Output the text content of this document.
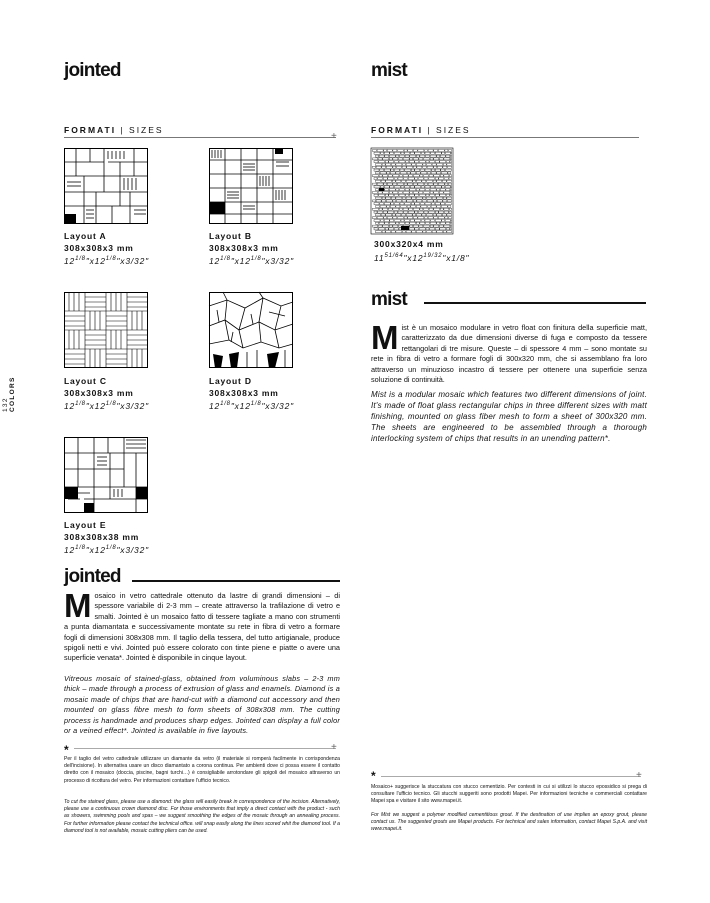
132 COLORS
jointed
FORMATI | SIZES
+
Layout A
308x308x3 mm
$12^{1/8}"x12^{1/8}"x3/32$"
Layout B
308x308x3 mm
$12^{1/8}"x12^{1/8}"x3/32$"
Layout C
308x308x3 mm
$12^{1/8}"x12^{1/8}"x3/32$"
Layout D
308x308x3 mm
$12^{1/8}"x12^{1/8}"x3/32$"
Layout E
308x308x38 mm
$12^{1/8}"x12^{1/8}"x3/32$"
jointed
Mosaico in vetro cattedrale ottenuto da lastre di grandi dimensioni – di spessore variabile di 2-3 mm – create attraverso la trafilazione di vetro e smalti. Jointed è un mosaico fatto di tessere tagliate a mano con strumenti a punta diamantata e successivamente montate su rete in fibra di vetro a formare fogli di dimensioni 308x308 mm. Il taglio della tessera, del tutto artigianale, produce spigoli netti e vivi. Jointed può essere colorato con tinte piene e piatte o avere una superficie venata*. Jointed è disponibile in cinque layout.
Vitreous mosaic of stained-glass, obtained from voluminous slabs – 2-3 mm thick – made through a process of extrusion of glass and enamels. Diamond is a mosaic made of chips that are hand-cut with a diamond cut accessory and then mounted on glass fibre mesh to form sheets of 308x308 mm. The cutting process is handmade and produces sharp edges. Jointed can display a full color or a veined effect*. Jointed is available in five layouts.
*	+
Per il taglio del vetro cattedrale utilizzare un diamante da vetro (il materiale si romperà facilmente in corrispondenza dell'incisione). In alternativa usare un disco diamantato a corona continua. Per ambienti dove ci possa essere il contatto diretto con il mosaico (doccia, piscine, bagni turchi…) è consigliabile arrotondare gli spigoli del mosaico attraverso un processo di ricottura del vetro. Per informazioni contattare l'ufficio tecnico.
To cut the stained glass, please use a diamond: the glass will easily break in correspondence of the incision. Alternatively, please use a continuous crown diamond disc. For those environments that imply a direct contact with the product - such as showers, swimming pools and spas – we suggest smoothing the edges of the mosaic through an annealing process. For further information please contact the technical office. will snap easily along the lines scored whit the diamond tool. If a diamond tool is not available, mosaic cutting pliers can be used.
mist
FORMATI | SIZES
300x320x4 mm
$11^{51/64}"x12^{19/32}"x1/8$"
mist
Mist è un mosaico modulare in vetro float con finitura della superficie matt, caratterizzato da due dimensioni diverse di fuga e composto da tessere rettangolari di tre misure. Queste – di spessore 4 mm – sono montate su rete in fibra di vetro a formare fogli di 300x320 mm, che si assemblano fra loro attraverso un minuzioso incastro di tessere per ottenere una superficie senza soluzione di continuità.
Mist is a modular mosaic which features two different dimensions of joint. It's made of float glass rectangular chips in three different sizes with matt finishing, mounted on glass fiber mesh to form a sheet of 300x320 mm. The sheets are engineered to be assembled through a thorough interlocking system of chips that results in an unending pattern*.
*	+
Mosaico+ suggerisce la stuccatura con stucco cementizio. Per contesti in cui si utilizzi lo stucco epossidico si prega di consultare l'ufficio tecnico. Gli stucchi suggeriti sono prodotti Mapei. Per informazioni tecniche e commerciali contattare Mapei spa e visitare il sito www.mapei.it.
For Mist we suggest a polymer modified cementitious grout. If the destination of use implies an epoxy grout, please contact us. The suggested grouts are Mapei products. For technical and sales information, contact Mapei S.p.A. and visit www.mapei.it.
